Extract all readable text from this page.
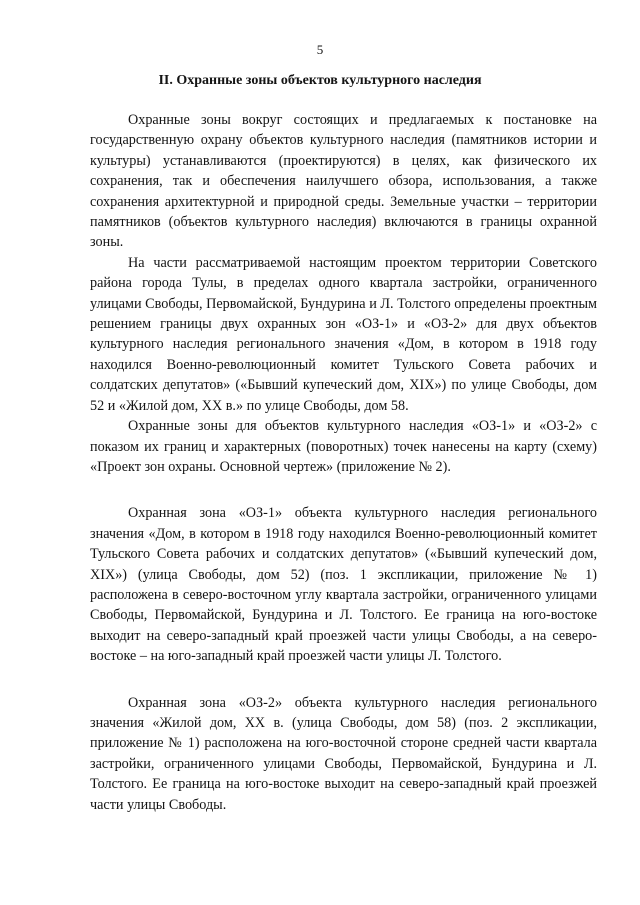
5
II. Охранные зоны объектов культурного наследия

Охранные зоны вокруг состоящих и предлагаемых к постановке на государственную охрану объектов культурного наследия (памятников истории и культуры) устанавливаются (проектируются) в целях, как физического их сохранения, так и обеспечения наилучшего обзора, использования, а также сохранения архитектурной и природной среды. Земельные участки – территории памятников (объектов культурного наследия) включаются в границы охранной зоны.

На части рассматриваемой настоящим проектом территории Советского района города Тулы, в пределах одного квартала застройки, ограниченного улицами Свободы, Первомайской, Бундурина и Л. Толстого определены проектным решением границы двух охранных зон «ОЗ-1» и «ОЗ-2» для двух объектов культурного наследия регионального значения «Дом, в котором в 1918 году находился Военно-революционный комитет Тульского Совета рабочих и солдатских депутатов» («Бывший купеческий дом, XIX») по улице Свободы, дом 52 и «Жилой дом, XX в.» по улице Свободы, дом 58.

Охранные зоны для объектов культурного наследия «ОЗ-1» и «ОЗ-2» с показом их границ и характерных (поворотных) точек нанесены на карту (схему) «Проект зон охраны. Основной чертеж» (приложение № 2).

Охранная зона «ОЗ-1» объекта культурного наследия регионального значения «Дом, в котором в 1918 году находился Военно-революционный комитет Тульского Совета рабочих и солдатских депутатов» («Бывший купеческий дом, XIX») (улица Свободы, дом 52) (поз. 1 экспликации, приложение № 1) расположена в северо-восточном углу квартала застройки, ограниченного улицами Свободы, Первомайской, Бундурина и Л. Толстого. Ее граница на юго-востоке выходит на северо-западный край проезжей части улицы Свободы, а на северо-востоке – на юго-западный край проезжей части улицы Л. Толстого.

Охранная зона «ОЗ-2» объекта культурного наследия регионального значения «Жилой дом, XX в. (улица Свободы, дом 58) (поз. 2 экспликации, приложение № 1) расположена на юго-восточной стороне средней части квартала застройки, ограниченного улицами Свободы, Первомайской, Бундурина и Л. Толстого. Ее граница на юго-востоке выходит на северо-западный край проезжей части улицы Свободы.
